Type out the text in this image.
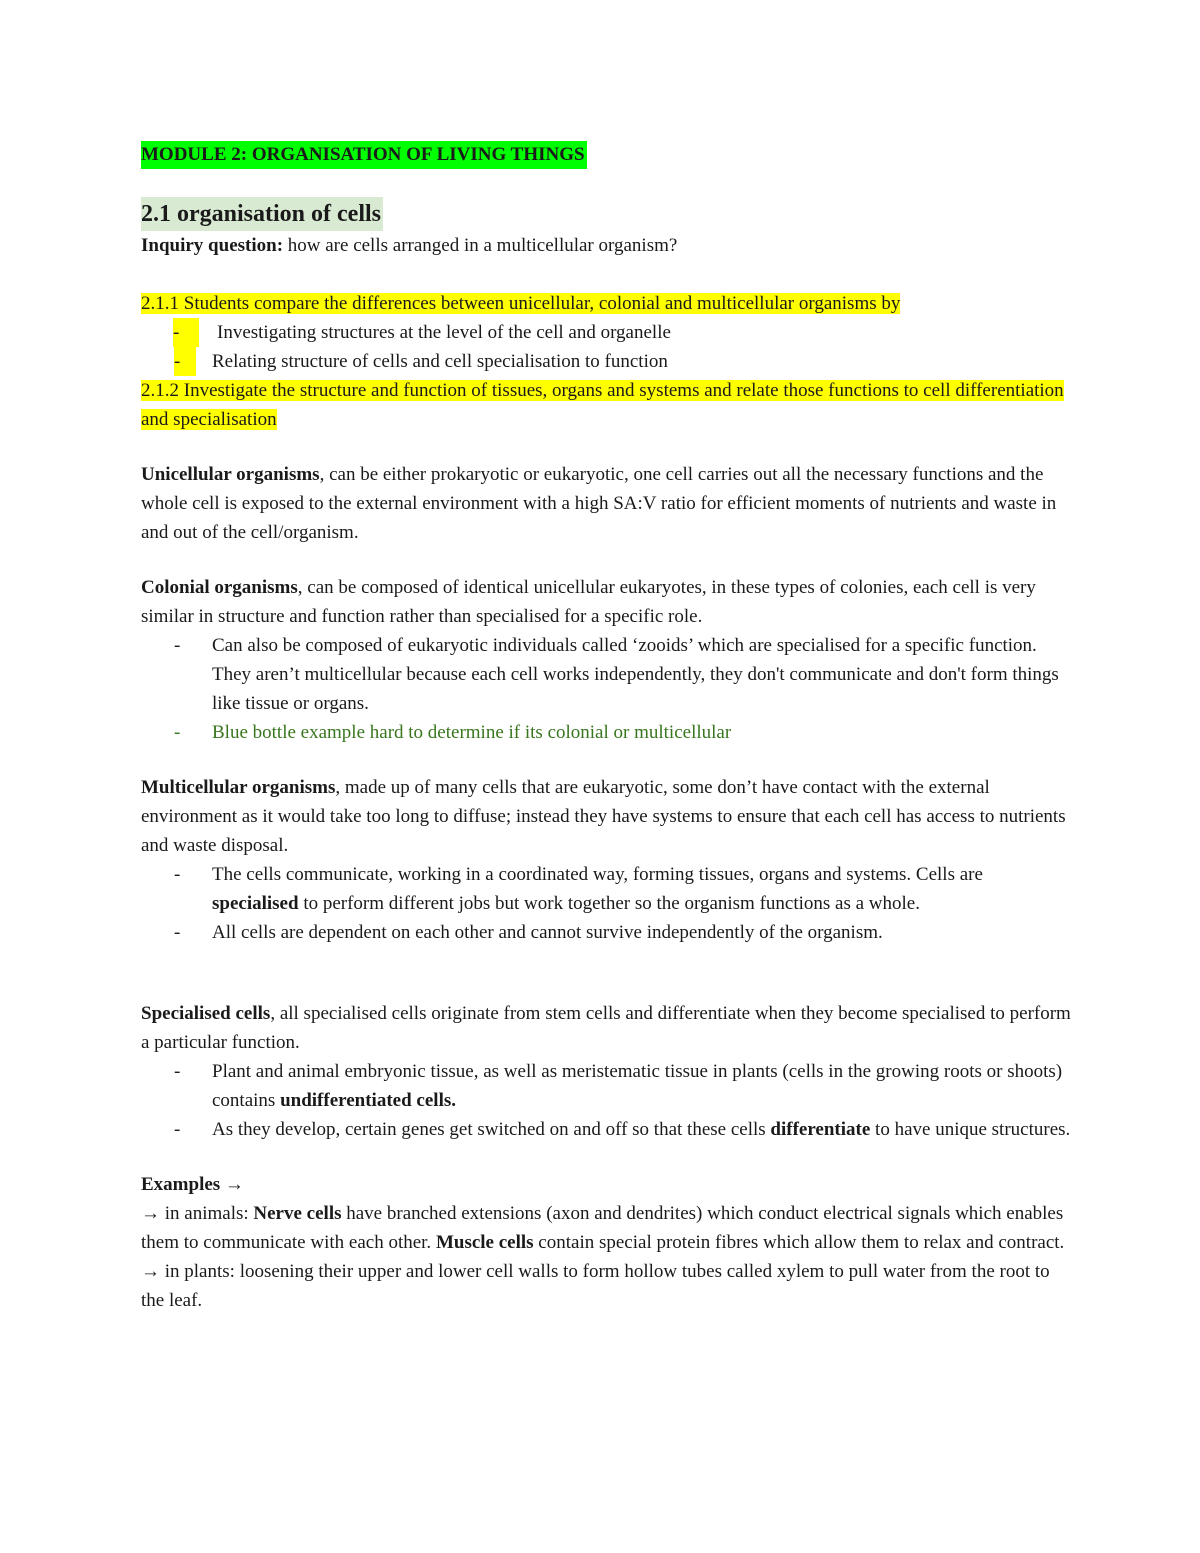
MODULE 2: ORGANISATION OF LIVING THINGS
2.1 organisation of cells

Inquiry question: how are cells arranged in a multicellular organism?

2.1.1 Students compare the differences between unicellular, colonial and multicellular organisms by

-	Investigating structures at the level of the cell and organelle
-	Relating structure of cells and cell specialisation to function

2.1.2 Investigate the structure and function of tissues, organs and systems and relate those functions to cell differentiation and specialisation

Unicellular organisms, can be either prokaryotic or eukaryotic, one cell carries out all the necessary functions and the whole cell is exposed to the external environment with a high SA:V ratio for efficient moments of nutrients and waste in and out of the cell/organism.

Colonial organisms, can be composed of identical unicellular eukaryotes, in these types of colonies, each cell is very similar in structure and function rather than specialised for a specific role.

- Can also be composed of eukaryotic individuals called ‘zooids’ which are specialised for a specific function. They aren’t multicellular because each cell works independently, they don't communicate and don't form things like tissue or organs.
- Blue bottle example hard to determine if its colonial or multicellular

Multicellular organisms, made up of many cells that are eukaryotic, some don’t have contact with the external environment as it would take too long to diffuse; instead they have systems to ensure that each cell has access to nutrients and waste disposal.

- The cells communicate, working in a coordinated way, forming tissues, organs and systems. Cells are specialised to perform different jobs but work together so the organism functions as a whole.
- All cells are dependent on each other and cannot survive independently of the organism.

Specialised cells, all specialised cells originate from stem cells and differentiate when they become specialised to perform a particular function.

- Plant and animal embryonic tissue, as well as meristematic tissue in plants (cells in the growing roots or shoots) contains undifferentiated cells.
- As they develop, certain genes get switched on and off so that these cells differentiate to have unique structures.

Examples →

→ in animals: Nerve cells have branched extensions (axon and dendrites) which conduct electrical signals which enables them to communicate with each other. Muscle cells contain special protein fibres which allow them to relax and contract.

→ in plants: loosening their upper and lower cell walls to form hollow tubes called xylem to pull water from the root to the leaf.
